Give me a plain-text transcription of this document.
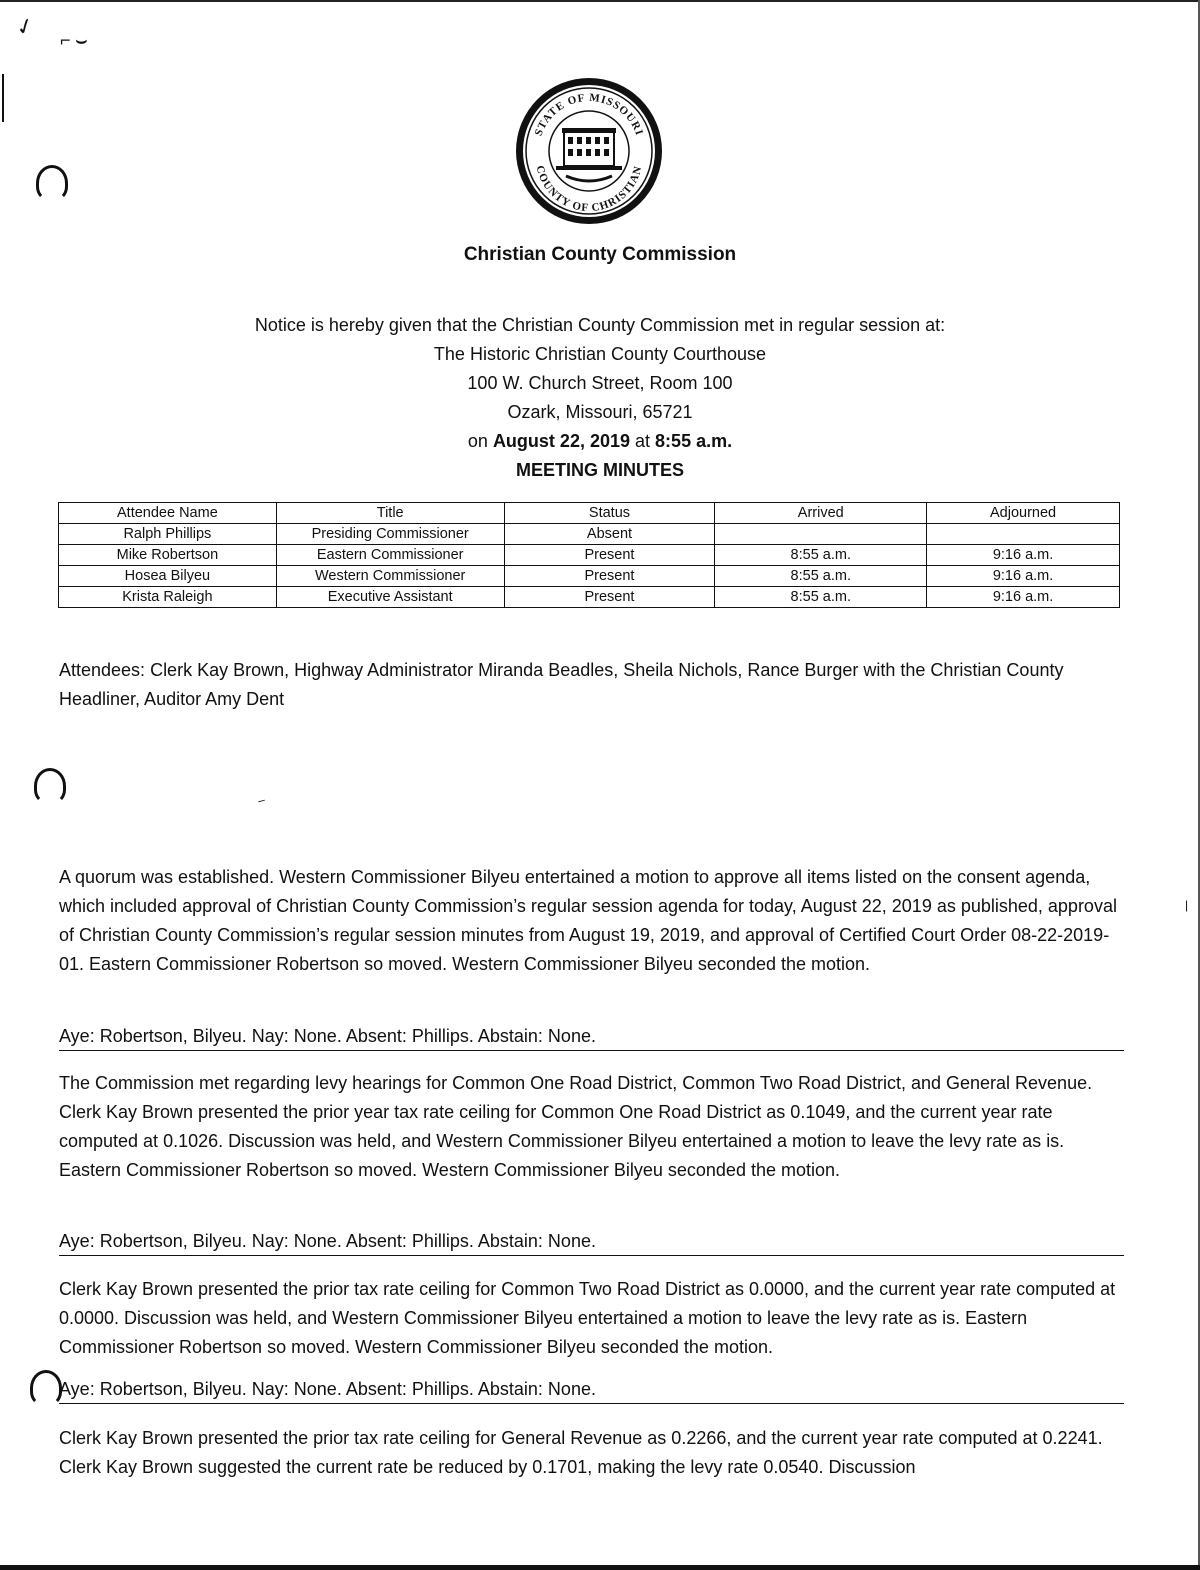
✓ ⌐ ⌣
–
|
STATE OF MISSOURI
COUNTY OF CHRISTIAN
Christian County Commission
Notice is hereby given that the Christian County Commission met in regular session at:
The Historic Christian County Courthouse
100 W. Church Street, Room 100
Ozark, Missouri, 65721
on August 22, 2019 at 8:55 a.m.
MEETING MINUTES
Attendee Name	Title	Status	Arrived	Adjourned
Ralph Phillips	Presiding Commissioner	Absent		
Mike Robertson	Eastern Commissioner	Present	8:55 a.m.	9:16 a.m.
Hosea Bilyeu	Western Commissioner	Present	8:55 a.m.	9:16 a.m.
Krista Raleigh	Executive Assistant	Present	8:55 a.m.	9:16 a.m.
Attendees: Clerk Kay Brown, Highway Administrator Miranda Beadles, Sheila Nichols, Rance Burger with the Christian County Headliner, Auditor Amy Dent
A quorum was established. Western Commissioner Bilyeu entertained a motion to approve all items listed on the consent agenda, which included approval of Christian County Commission’s regular session agenda for today, August 22, 2019 as published, approval of Christian County Commission’s regular session minutes from August 19, 2019, and approval of Certified Court Order 08-22-2019-01. Eastern Commissioner Robertson so moved. Western Commissioner Bilyeu seconded the motion.
Aye: Robertson, Bilyeu. Nay: None. Absent: Phillips. Abstain: None.
The Commission met regarding levy hearings for Common One Road District, Common Two Road District, and General Revenue. Clerk Kay Brown presented the prior year tax rate ceiling for Common One Road District as 0.1049, and the current year rate computed at 0.1026. Discussion was held, and Western Commissioner Bilyeu entertained a motion to leave the levy rate as is. Eastern Commissioner Robertson so moved. Western Commissioner Bilyeu seconded the motion.
Aye: Robertson, Bilyeu. Nay: None. Absent: Phillips. Abstain: None.
Clerk Kay Brown presented the prior tax rate ceiling for Common Two Road District as 0.0000, and the current year rate computed at 0.0000. Discussion was held, and Western Commissioner Bilyeu entertained a motion to leave the levy rate as is. Eastern Commissioner Robertson so moved. Western Commissioner Bilyeu seconded the motion.
Aye: Robertson, Bilyeu. Nay: None. Absent: Phillips. Abstain: None.
Clerk Kay Brown presented the prior tax rate ceiling for General Revenue as 0.2266, and the current year rate computed at 0.2241. Clerk Kay Brown suggested the current rate be reduced by 0.1701, making the levy rate 0.0540. Discussion
